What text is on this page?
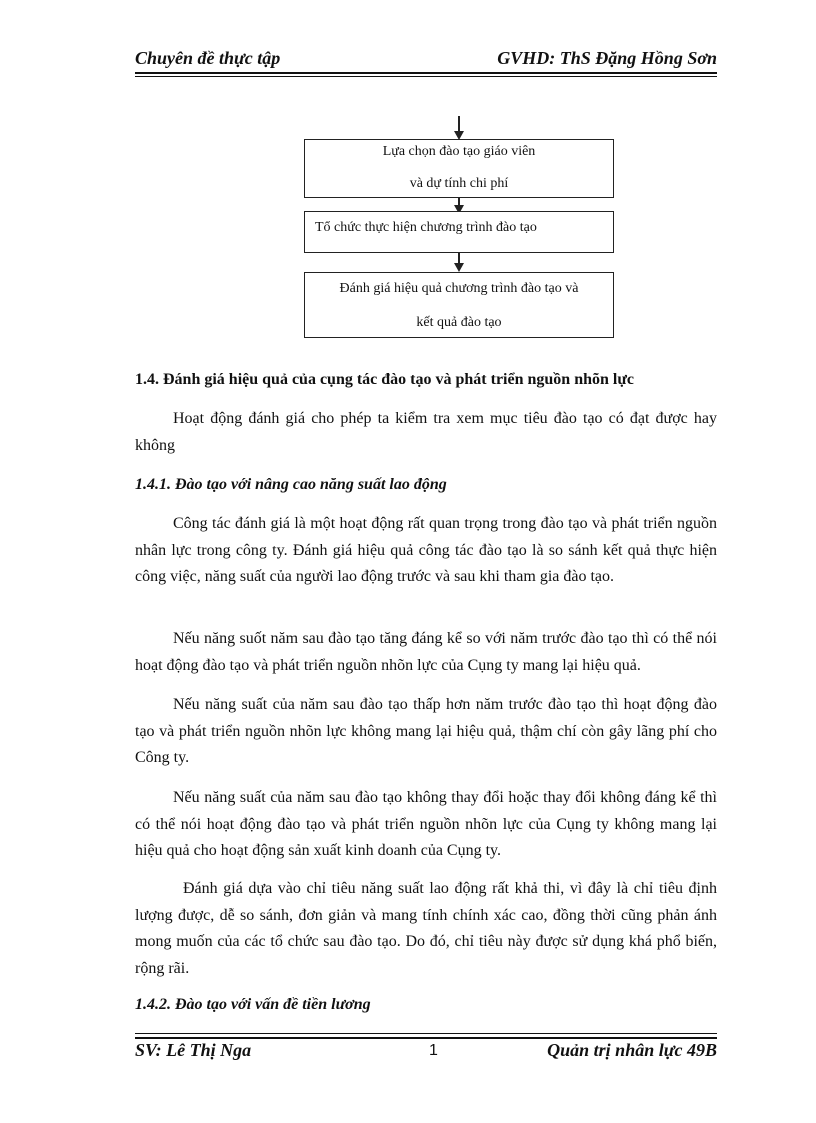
Chuyên đề thực tập	GVHD: ThS Đặng Hồng Sơn
Lựa chọn đào tạo giáo viên
và dự tính chi phí
Tổ chức thực hiện chương trình đào tạo
Đánh giá hiệu quả chương trình đào tạo và
kết quả đào tạo
1.4. Đánh giá hiệu quả của cụng tác đào tạo và phát triển nguồn nhõn lực

Hoạt động đánh giá cho phép ta kiểm tra xem mục tiêu đào tạo có đạt được hay không

1.4.1. Đào tạo với nâng cao năng suất lao động

Công tác đánh giá là một hoạt động rất quan trọng trong đào tạo và phát triển nguồn nhân lực trong công ty. Đánh giá hiệu quả công tác đào tạo là so sánh kết quả thực hiện công việc, năng suất của người lao động trước và sau khi tham gia đào tạo.

Nếu năng suốt năm sau đào tạo tăng đáng kể so với năm trước đào tạo thì có thể nói hoạt động đào tạo và phát triển nguồn nhõn lực của Cụng ty mang lại hiệu quả.

Nếu năng suất của năm sau đào tạo thấp hơn năm trước đào tạo thì hoạt động đào tạo và phát triển nguồn nhõn lực không mang lại hiệu quả, thậm chí còn gây lãng phí cho Công ty.

Nếu năng suất của năm sau đào tạo không thay đổi hoặc thay đổi không đáng kể thì có thể nói hoạt động đào tạo và phát triển nguồn nhõn lực của Cụng ty không mang lại hiệu quả cho hoạt động sản xuất kinh doanh của Cụng ty.

Đánh giá dựa vào chỉ tiêu năng suất lao động rất khả thi, vì đây là chỉ tiêu định lượng được, dễ so sánh, đơn giản và mang tính chính xác cao, đồng thời cũng phản ánh mong muốn của các tổ chức sau đào tạo. Do đó, chỉ tiêu này được sử dụng khá phổ biến, rộng rãi.

1.4.2. Đào tạo với vấn đề tiền lương
SV: Lê Thị Nga	1	Quản trị nhân lực 49B
